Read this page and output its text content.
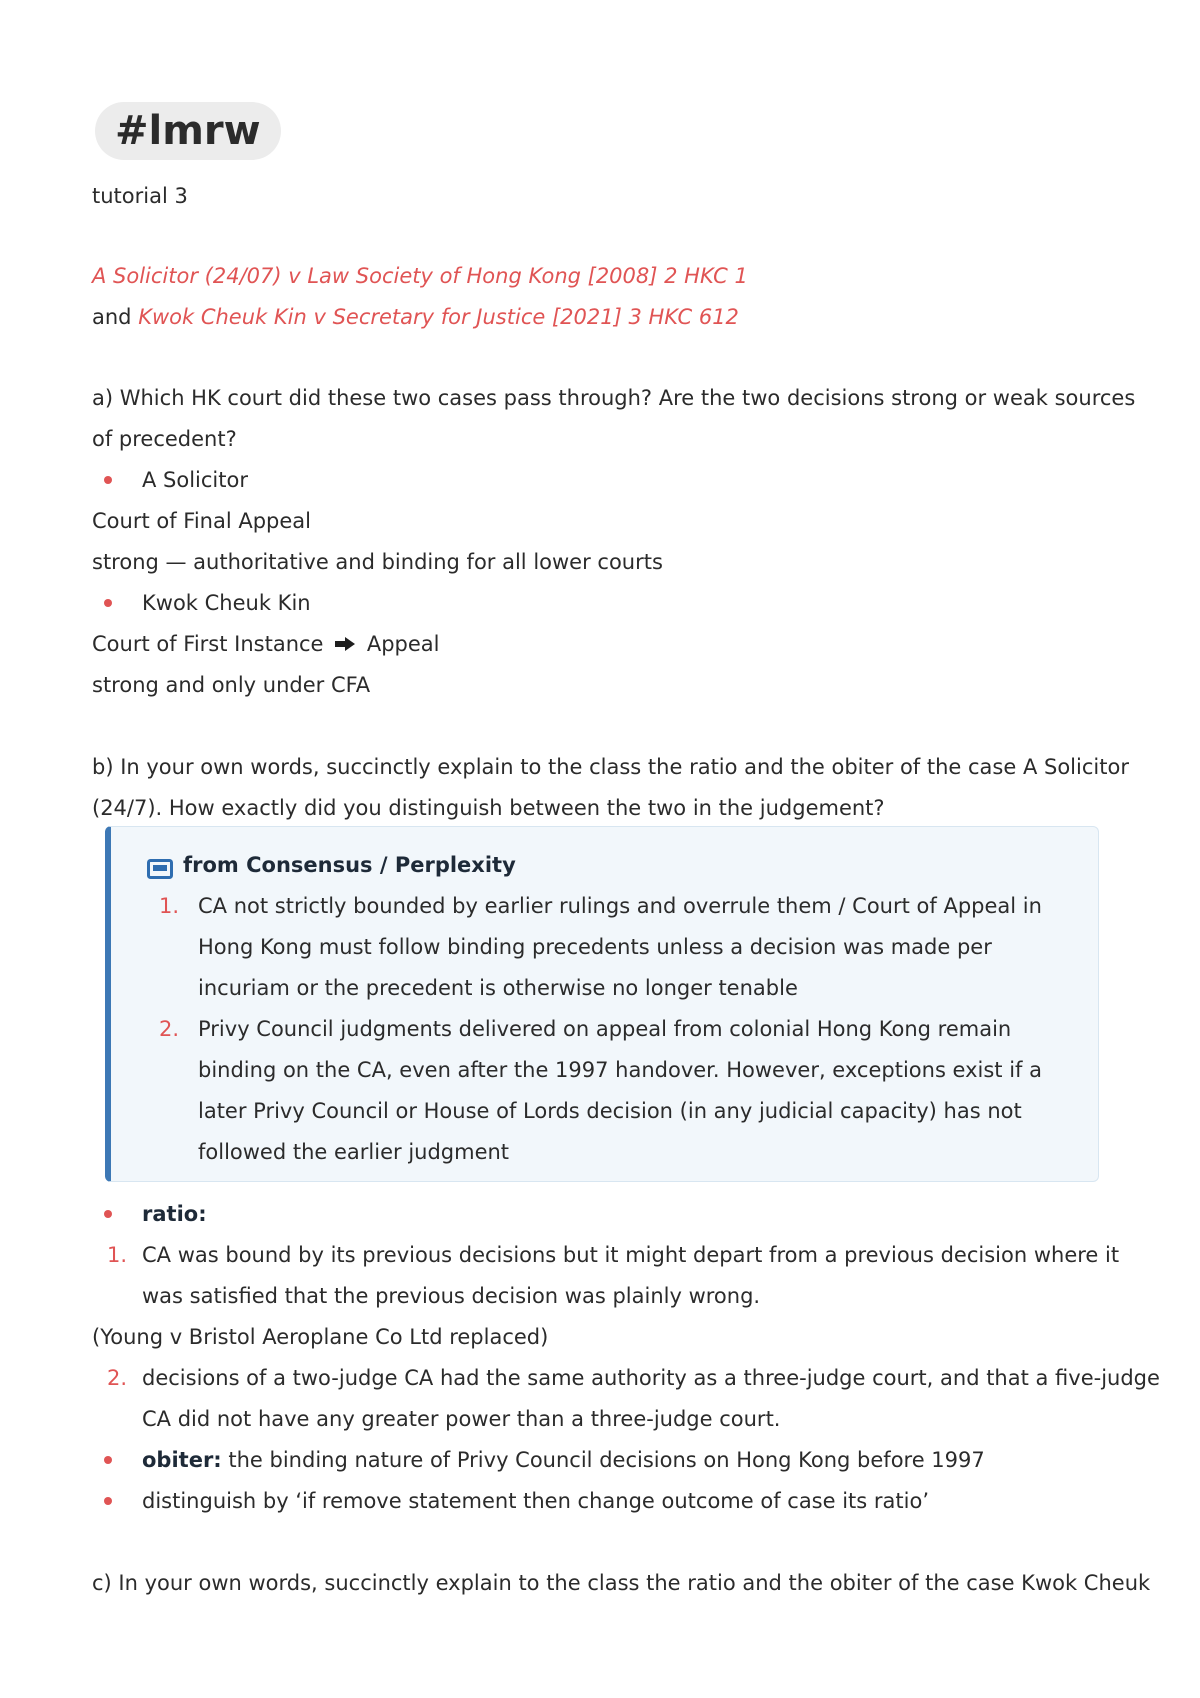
#lmrw
tutorial 3
A Solicitor (24/07) v Law Society of Hong Kong [2008] 2 HKC 1
and Kwok Cheuk Kin v Secretary for Justice [2021] 3 HKC 612
a) Which HK court did these two cases pass through? Are the two decisions strong or weak sources
of precedent?
A Solicitor
Court of Final Appeal
strong — authoritative and binding for all lower courts
Kwok Cheuk Kin
Court of First Instance Appeal
strong and only under CFA
b) In your own words, succinctly explain to the class the ratio and the obiter of the case A Solicitor
(24/7). How exactly did you distinguish between the two in the judgement?
from Consensus / Perplexity
1. CA not strictly bounded by earlier rulings and overrule them / Court of Appeal in
Hong Kong must follow binding precedents unless a decision was made per
incuriam or the precedent is otherwise no longer tenable
2. Privy Council judgments delivered on appeal from colonial Hong Kong remain
binding on the CA, even after the 1997 handover. However, exceptions exist if a
later Privy Council or House of Lords decision (in any judicial capacity) has not
followed the earlier judgment
ratio:
1. CA was bound by its previous decisions but it might depart from a previous decision where it
was satisfied that the previous decision was plainly wrong.
(Young v Bristol Aeroplane Co Ltd replaced)
2. decisions of a two-judge CA had the same authority as a three-judge court, and that a five-judge
CA did not have any greater power than a three-judge court.
obiter: the binding nature of Privy Council decisions on Hong Kong before 1997
distinguish by ‘if remove statement then change outcome of case its ratio’
c) In your own words, succinctly explain to the class the ratio and the obiter of the case Kwok Cheuk
